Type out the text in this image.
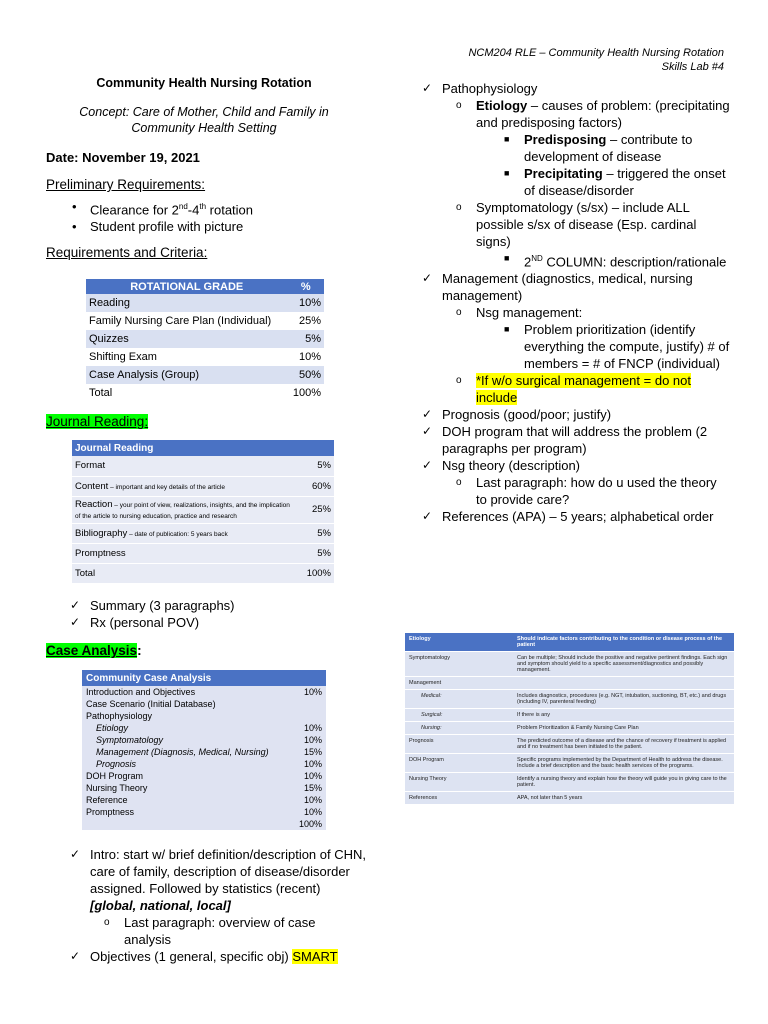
NCM204 RLE – Community Health Nursing Rotation
Skills Lab #4
Community Health Nursing Rotation
Concept: Care of Mother, Child and Family in
Community Health Setting
Date: November 19, 2021
Preliminary Requirements:
• Clearance for 2nd-4th rotation
• Student profile with picture
Requirements and Criteria:
ROTATIONAL GRADE	%
Reading	10%
Family Nursing Care Plan (Individual)	25%
Quizzes	5%
Shifting Exam	10%
Case Analysis (Group)	50%
Total	100%
Journal Reading:
Journal Reading	
Format	5%
Content – important and key details of the article	60%
Reaction – your point of view, realizations, insights, and the implication of the article to nursing education, practice and research	25%
Bibliography – date of publication: 5 years back	5%
Promptness	5%
Total	100%
✓ Summary (3 paragraphs)
✓ Rx (personal POV)
Case Analysis:
Community Case Analysis	
Introduction and Objectives	10%
Case Scenario (Initial Database)	
Pathophysiology	
Etiology	10%
Symptomatology	10%
Management (Diagnosis, Medical, Nursing)	15%
Prognosis	10%
DOH Program	10%
Nursing Theory	15%
Reference	10%
Promptness	10%
	100%
✓ Intro: start w/ brief definition/description of CHN, care of family, description of disease/disorder assigned. Followed by statistics (recent) [global, national, local]
o Last paragraph: overview of case
analysis
✓ Objectives (1 general, specific obj) SMART
✓ Pathophysiology
o Etiology – causes of problem: (precipitating and predisposing factors)
■ Predisposing – contribute to development of disease
■ Precipitating – triggered the onset of disease/disorder
o Symptomatology (s/sx) – include ALL possible s/sx of disease (Esp. cardinal signs)
■ 2ND COLUMN: description/rationale
✓ Management (diagnostics, medical, nursing management)
o Nsg management:
■ Problem prioritization (identify everything the compute, justify) # of members = # of FNCP (individual)
o *If w/o surgical management = do not include
✓ Prognosis (good/poor; justify)
✓ DOH program that will address the problem (2 paragraphs per program)
✓ Nsg theory (description)
o Last paragraph: how do u used the theory to provide care?
✓ References (APA) – 5 years; alphabetical order
Etiology	Should indicate factors contributing to the condition or disease process of the patient
Symptomatology	Can be multiple; Should include the positive and negative pertinent findings. Each sign and symptom should yield to a specific assessment/diagnostics and possibly management.
Management	
Medical:	Includes diagnostics, procedures (e.g. NGT, intubation, suctioning, BT, etc.) and drugs (including IV, parenteral feeding)
Surgical:	If there is any
Nursing:	Problem Prioritization & Family Nursing Care Plan
Prognosis	The predicted outcome of a disease and the chance of recovery if treatment is applied and if no treatment has been initiated to the patient.
DOH Program	Specific programs implemented by the Department of Health to address the disease. Include a brief description and the basic health services of the programs.
Nursing Theory	Identify a nursing theory and explain how the theory will guide you in giving care to the patient.
References	APA, not later than 5 years
